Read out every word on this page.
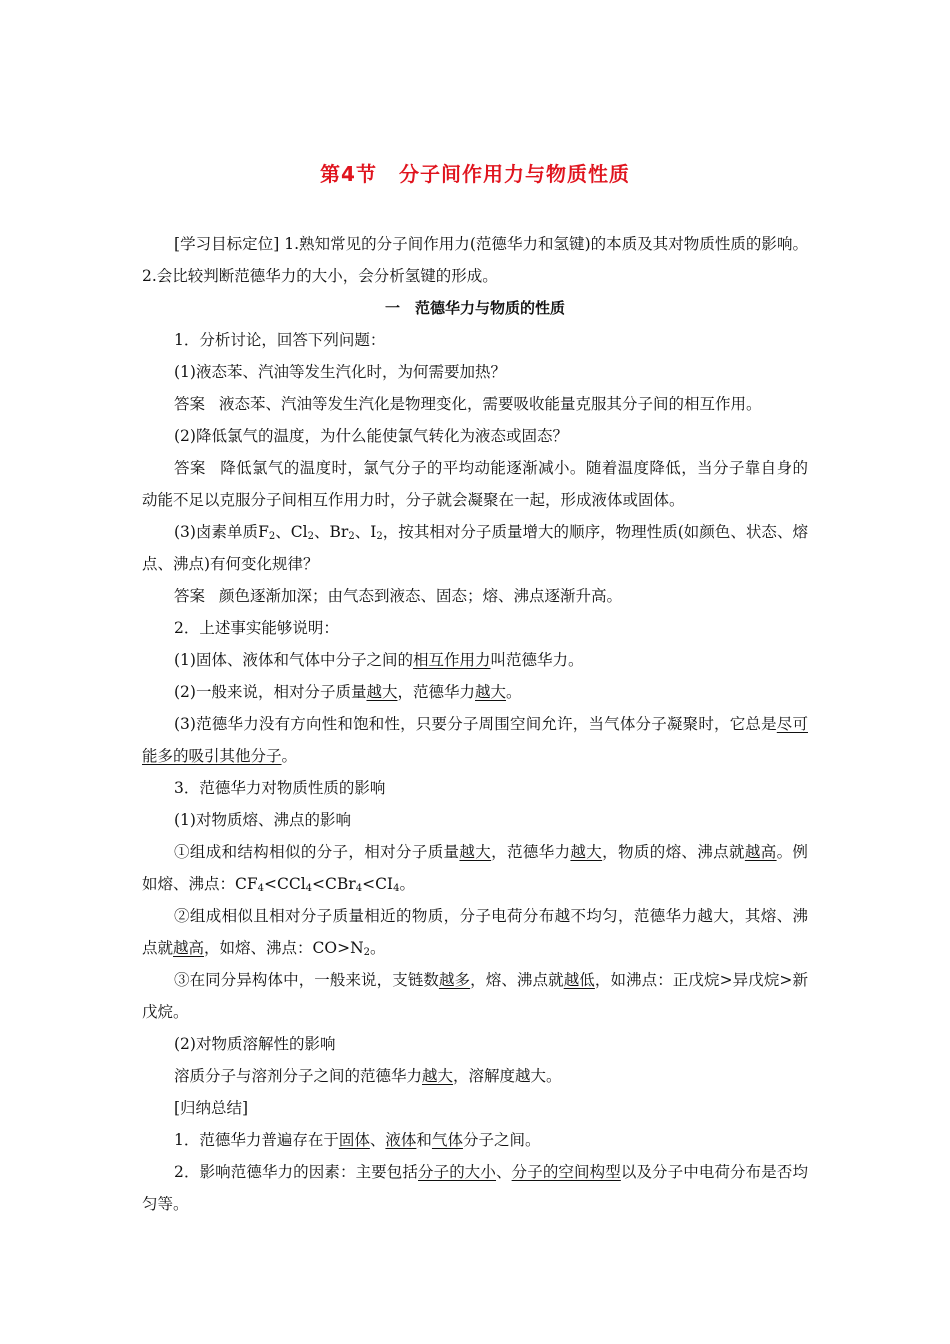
第4节 分子间作用力与物质性质

[学习目标定位] 1.熟知常见的分子间作用力(范德华力和氢键)的本质及其对物质性质的影响。2.会比较判断范德华力的大小，会分析氢键的形成。

一　范德华力与物质的性质

1．分析讨论，回答下列问题：

(1)液态苯、汽油等发生汽化时，为何需要加热？

答案 液态苯、汽油等发生汽化是物理变化，需要吸收能量克服其分子间的相互作用。

(2)降低氯气的温度，为什么能使氯气转化为液态或固态？

答案 降低氯气的温度时，氯气分子的平均动能逐渐减小。随着温度降低，当分子靠自身的动能不足以克服分子间相互作用力时，分子就会凝聚在一起，形成液体或固体。

(3)卤素单质$F_2$、$Cl_2$、$Br_2$、$I_2$，按其相对分子质量增大的顺序，物理性质(如颜色、状态、熔点、沸点)有何变化规律？

答案 颜色逐渐加深；由气态到液态、固态；熔、沸点逐渐升高。

2．上述事实能够说明：

(1)固体、液体和气体中分子之间的相互作用力叫范德华力。

(2)一般来说，相对分子质量越大，范德华力越大。

(3)范德华力没有方向性和饱和性，只要分子周围空间允许，当气体分子凝聚时，它总是尽可能多的吸引其他分子。

3．范德华力对物质性质的影响

(1)对物质熔、沸点的影响

①组成和结构相似的分子，相对分子质量越大，范德华力越大，物质的熔、沸点就越高。例如熔、沸点：$CF_4<CCl_4<CBr_4<CI_4$。

②组成相似且相对分子质量相近的物质，分子电荷分布越不均匀，范德华力越大，其熔、沸点就越高，如熔、沸点：$CO>N_2$。

③在同分异构体中，一般来说，支链数越多，熔、沸点就越低，如沸点：正戊烷>异戊烷>新戊烷。

(2)对物质溶解性的影响

溶质分子与溶剂分子之间的范德华力越大，溶解度越大。

[归纳总结]

1．范德华力普遍存在于固体、液体和气体分子之间。

2．影响范德华力的因素：主要包括分子的大小、分子的空间构型以及分子中电荷分布是否均匀等。
